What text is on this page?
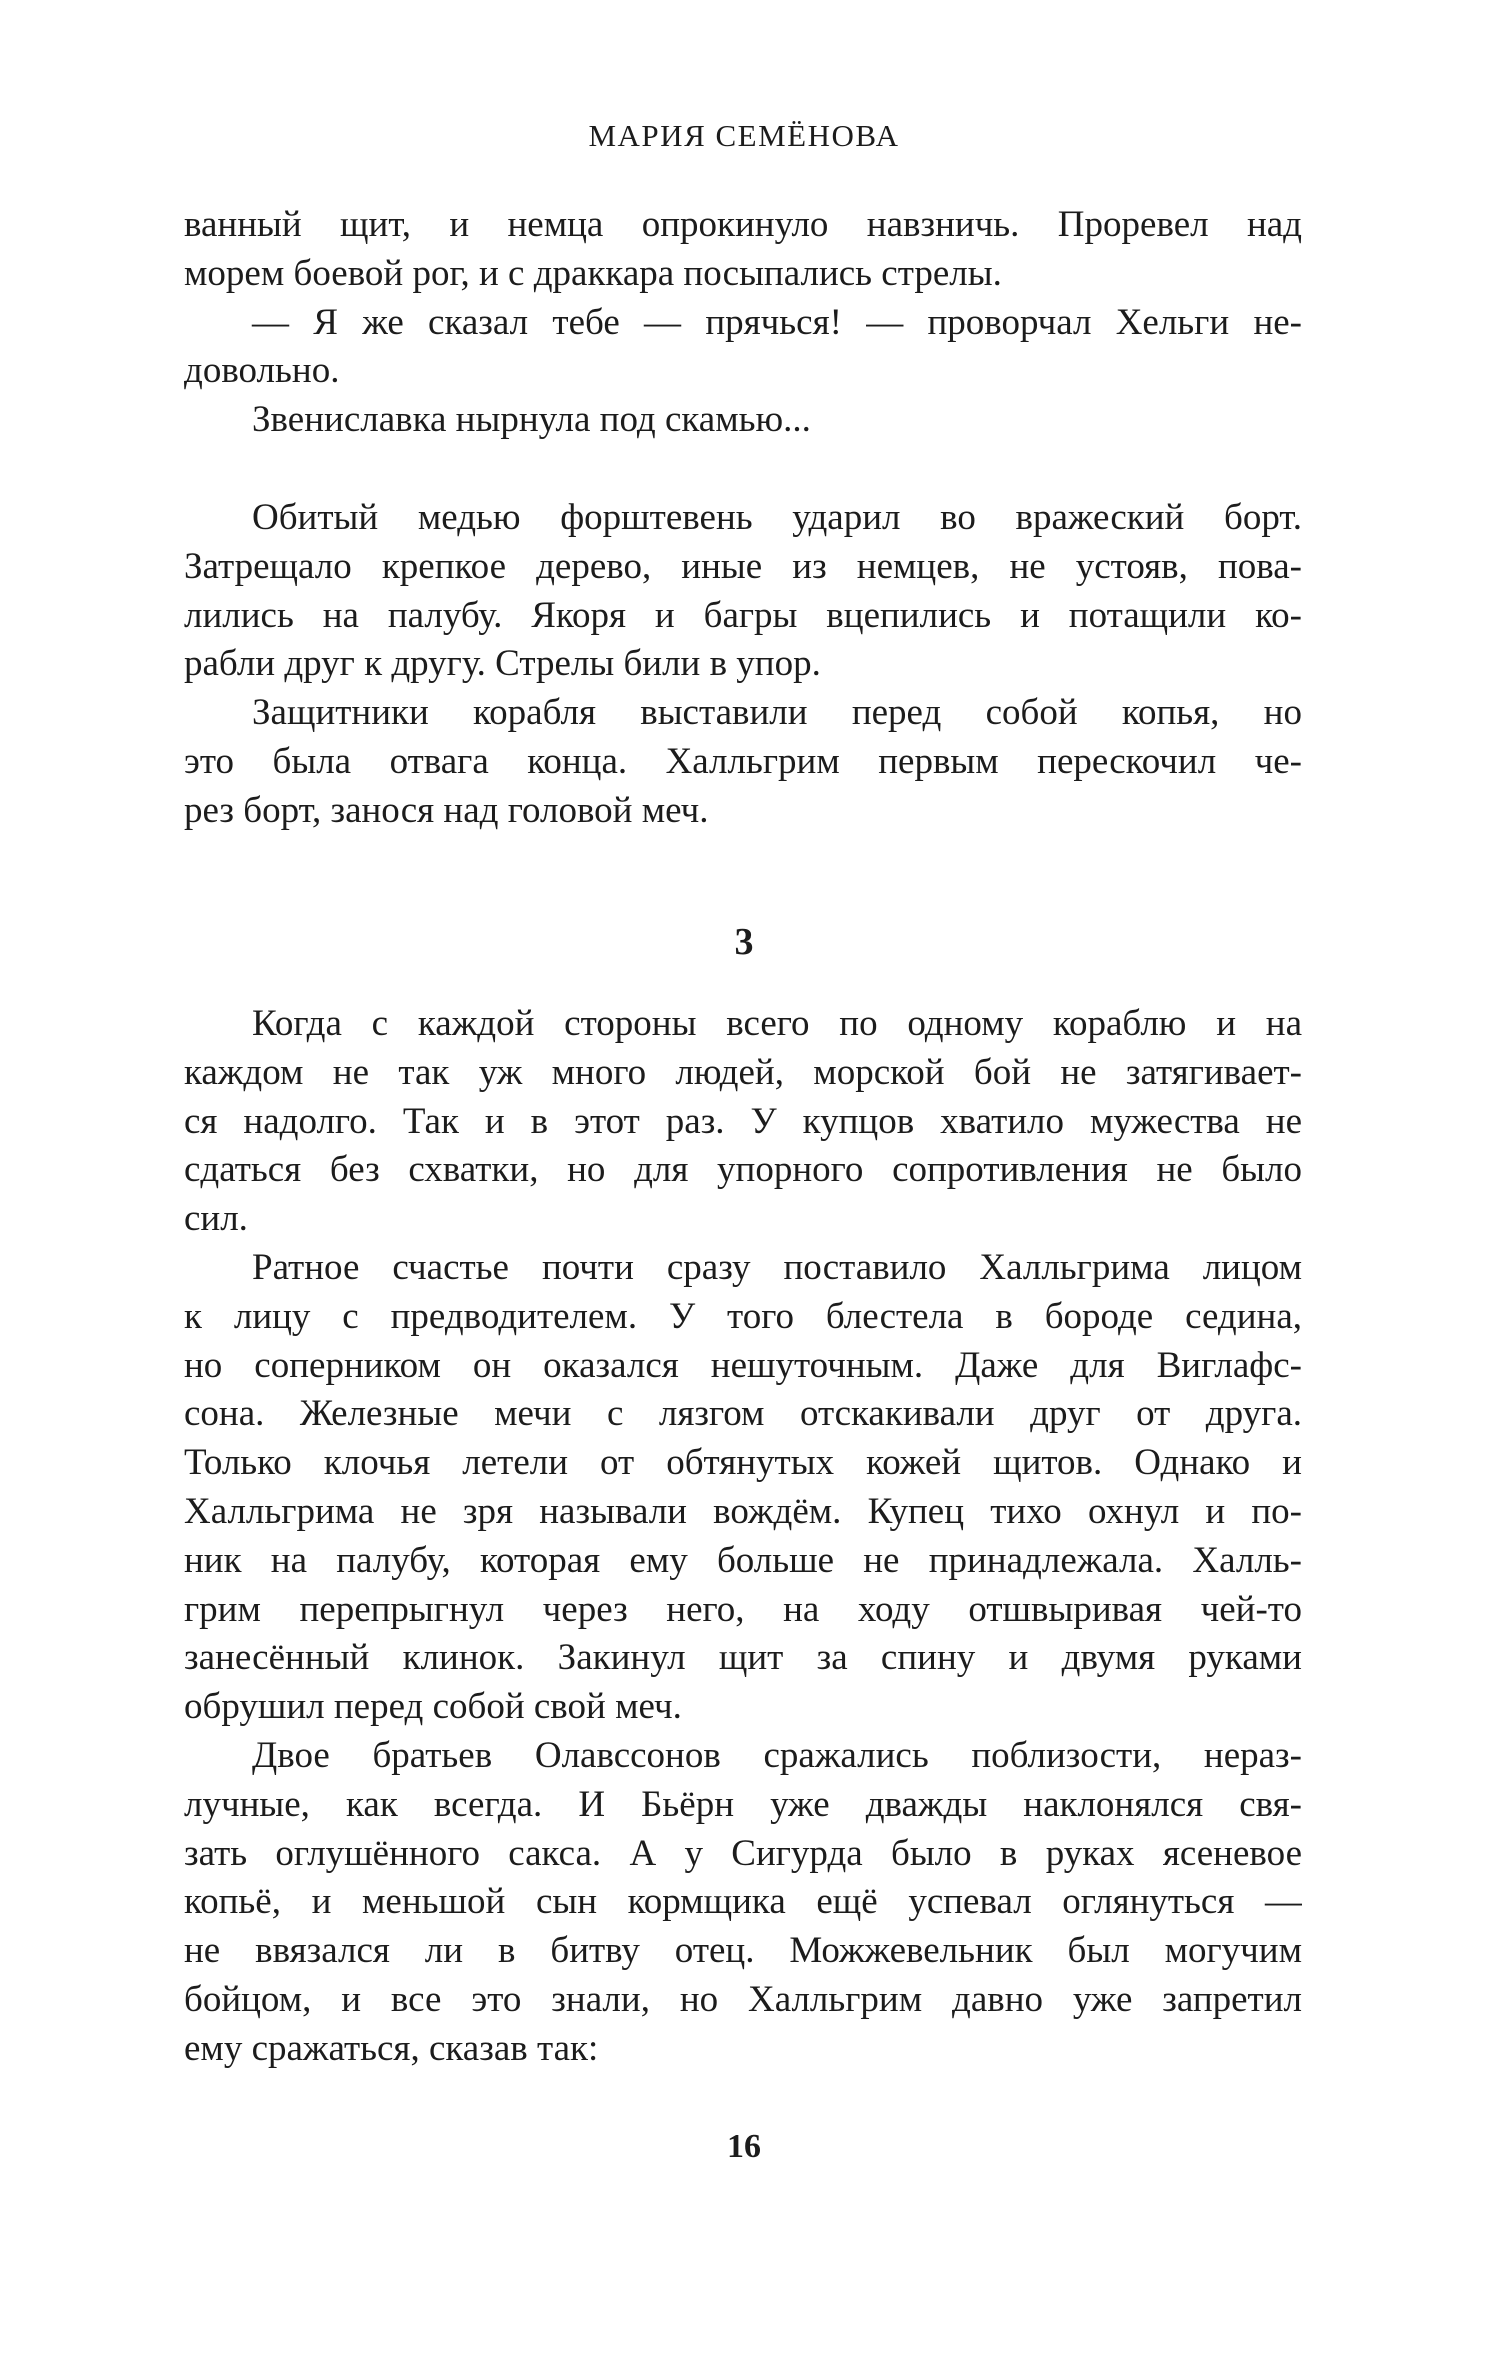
МАРИЯ СЕМЁНОВА

ванный щит, и немца опрокинуло навзничь. Проревел над

морем боевой рог, и с драккара посыпались стрелы.

— Я же сказал тебе — прячься! — проворчал Хельги не-

довольно.

Звениславка нырнула под скамью...

Обитый медью форштевень ударил во вражеский борт.

Затрещало крепкое дерево, иные из немцев, не устояв, пова-

лились на палубу. Якоря и багры вцепились и потащили ко-

рабли друг к другу. Стрелы били в упор.

Защитники корабля выставили перед собой копья, но

это была отвага конца. Халльгрим первым перескочил че-

рез борт, занося над головой меч.

3

Когда с каждой стороны всего по одному кораблю и на

каждом не так уж много людей, морской бой не затягивает-

ся надолго. Так и в этот раз. У купцов хватило мужества не

сдаться без схватки, но для упорного сопротивления не было

сил.

Ратное счастье почти сразу поставило Халльгрима лицом

к лицу с предводителем. У того блестела в бороде седина,

но соперником он оказался нешуточным. Даже для Виглафс-

сона. Железные мечи с лязгом отскакивали друг от друга.

Только клочья летели от обтянутых кожей щитов. Однако и

Халльгрима не зря называли вождём. Купец тихо охнул и по-

ник на палубу, которая ему больше не принадлежала. Халль-

грим перепрыгнул через него, на ходу отшвыривая чей-то

занесённый клинок. Закинул щит за спину и двумя руками

обрушил перед собой свой меч.

Двое братьев Олавссонов сражались поблизости, нераз-

лучные, как всегда. И Бьёрн уже дважды наклонялся свя-

зать оглушённого сакса. А у Сигурда было в руках ясеневое

копьё, и меньшой сын кормщика ещё успевал оглянуться —

не ввязался ли в битву отец. Можжевельник был могучим

бойцом, и все это знали, но Халльгрим давно уже запретил

ему сражаться, сказав так:

16
